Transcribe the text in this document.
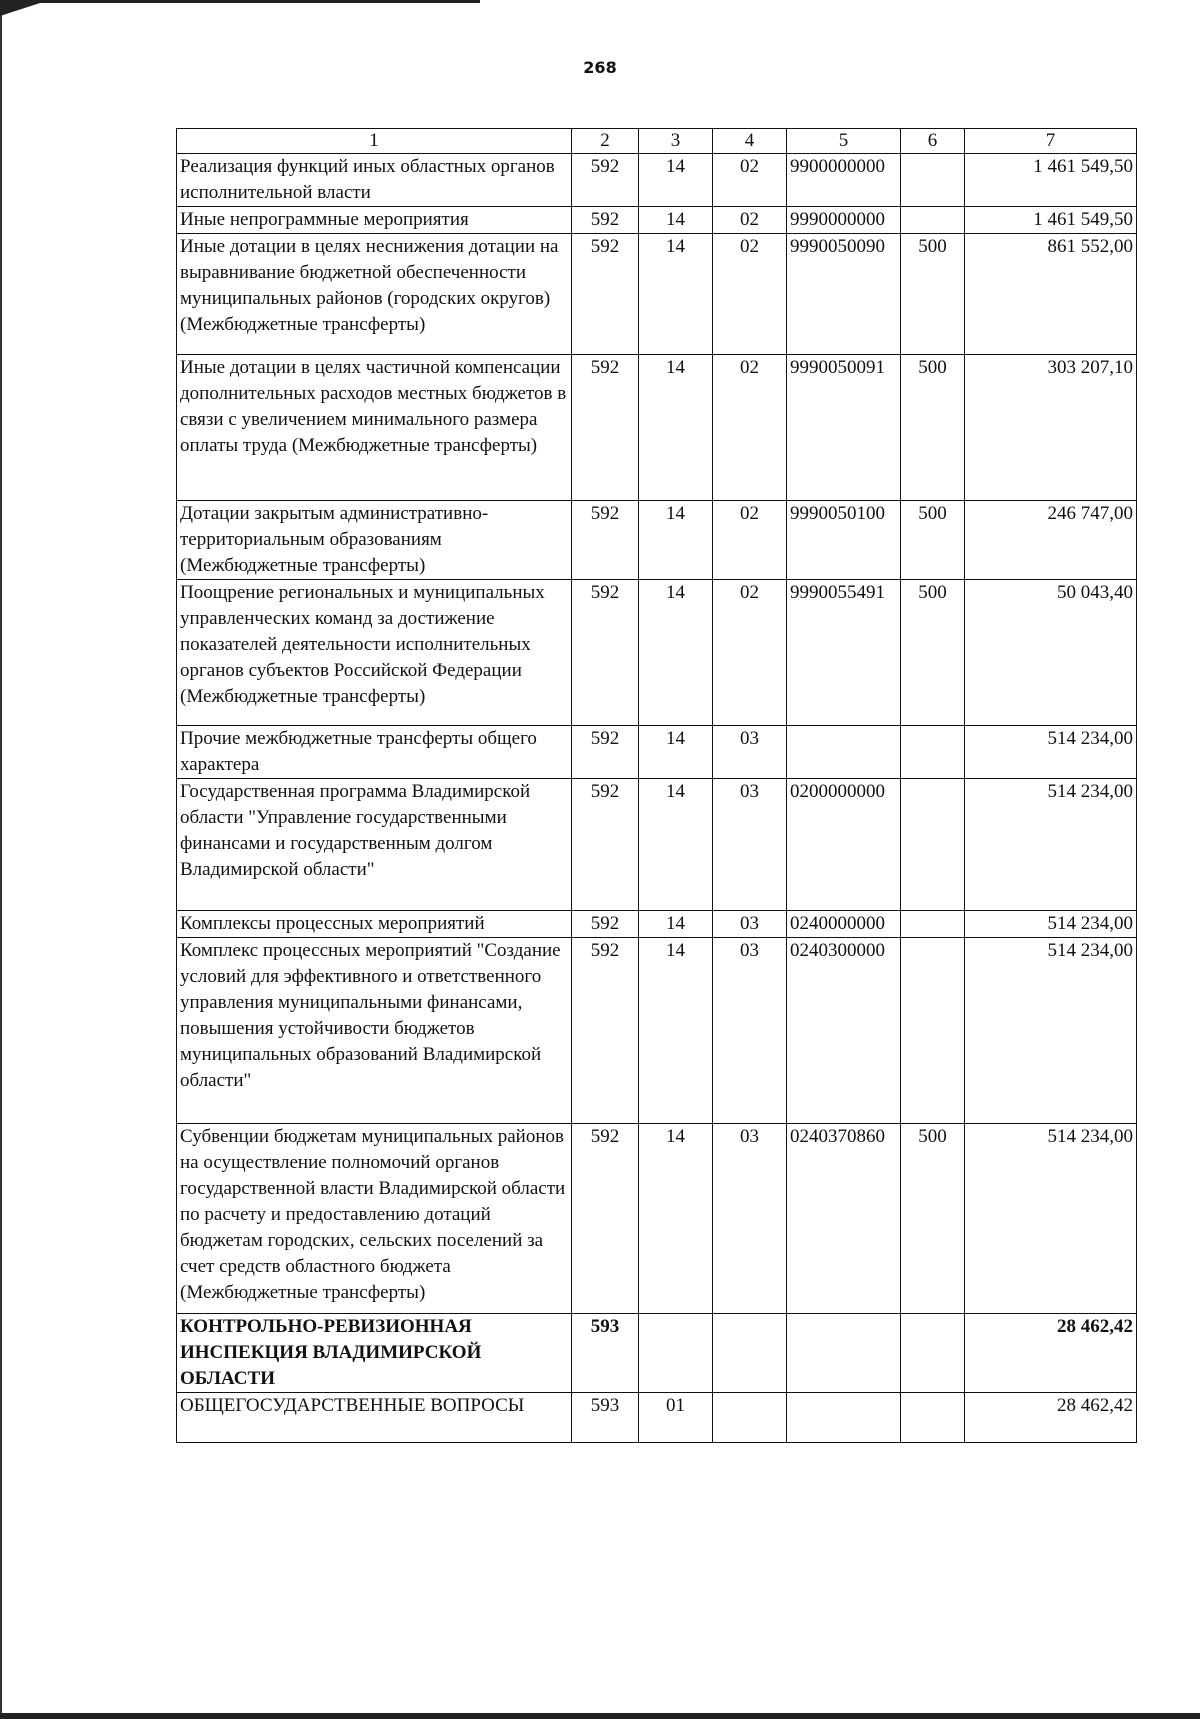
268
1	2	3	4	5	6	7
Реализация функций иных областных органов исполнительной власти	592	14	02	9900000000		1 461 549,50
Иные непрограммные мероприятия	592	14	02	9990000000		1 461 549,50
Иные дотации в целях неснижения дотации на выравнивание бюджетной обеспеченности муниципальных районов (городских округов) (Межбюджетные трансферты)	592	14	02	9990050090	500	861 552,00
Иные дотации в целях частичной компенсации дополнительных расходов местных бюджетов в связи с увеличением минимального размера оплаты труда (Межбюджетные трансферты)	592	14	02	9990050091	500	303 207,10
Дотации закрытым административно-территориальным образованиям (Межбюджетные трансферты)	592	14	02	9990050100	500	246 747,00
Поощрение региональных и муниципальных управленческих команд за достижение показателей деятельности исполнительных органов субъектов Российской Федерации (Межбюджетные трансферты)	592	14	02	9990055491	500	50 043,40
Прочие межбюджетные трансферты общего характера	592	14	03			514 234,00
Государственная программа Владимирской области "Управление государственными финансами и государственным долгом Владимирской области"	592	14	03	0200000000		514 234,00
Комплексы процессных мероприятий	592	14	03	0240000000		514 234,00
Комплекс процессных мероприятий "Создание условий для эффективного и ответственного управления муниципальными финансами, повышения устойчивости бюджетов муниципальных образований Владимирской области"	592	14	03	0240300000		514 234,00
Субвенции бюджетам муниципальных районов на осуществление полномочий органов государственной власти Владимирской области по расчету и предоставлению дотаций бюджетам городских, сельских поселений за счет средств областного бюджета (Межбюджетные трансферты)	592	14	03	0240370860	500	514 234,00
КОНТРОЛЬНО-РЕВИЗИОННАЯ ИНСПЕКЦИЯ ВЛАДИМИРСКОЙ ОБЛАСТИ	593					28 462,42
ОБЩЕГОСУДАРСТВЕННЫЕ ВОПРОСЫ	593	01				28 462,42
